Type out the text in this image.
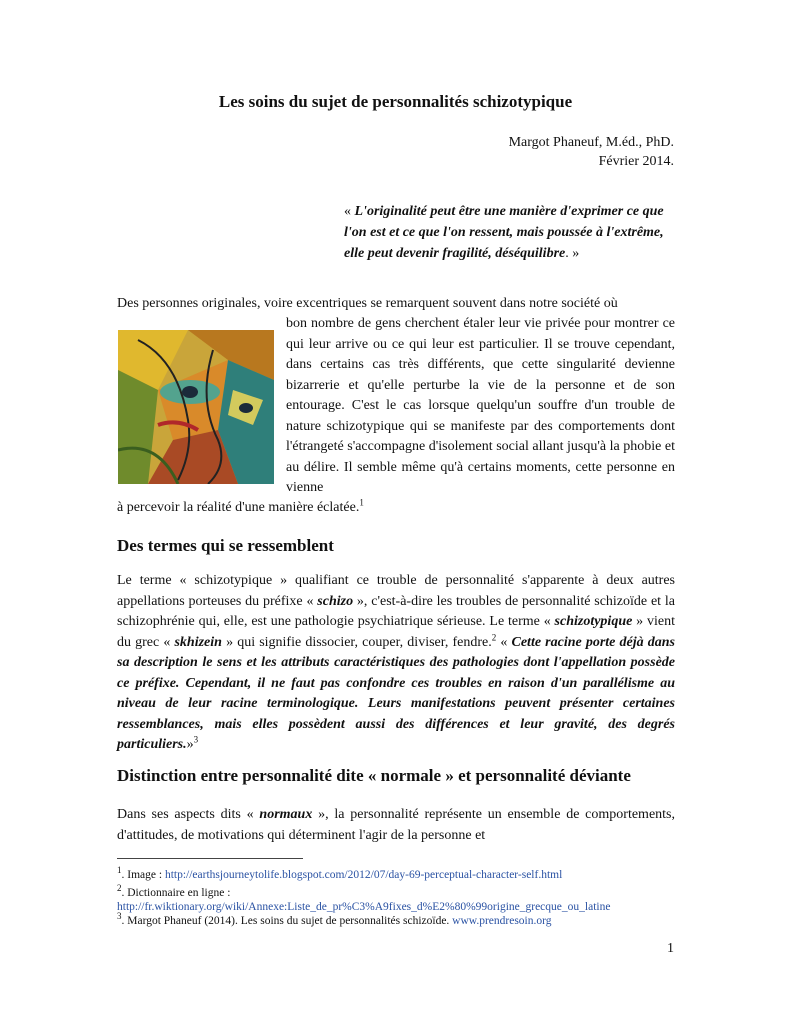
Les soins du sujet de personnalités schizotypique
Margot Phaneuf, M.éd., PhD.
Février 2014.
« L'originalité peut être une manière d'exprimer ce que l'on est et ce que l'on ressent, mais poussée à l'extrême, elle peut devenir fragilité, déséquilibre. »
Des personnes originales, voire excentriques se remarquent souvent dans notre société où
bon nombre de gens cherchent étaler leur vie privée pour montrer ce qui leur arrive ou ce qui leur est particulier. Il se trouve cependant, dans certains cas très différents, que cette singularité devienne bizarrerie et qu'elle perturbe la vie de la personne et de son entourage. C'est le cas lorsque quelqu'un souffre d'un trouble de nature schizotypique qui se manifeste par des comportements dont l'étrangeté s'accompagne d'isolement social allant jusqu'à la phobie et au délire. Il semble même qu'à certains moments, cette personne en vienne
à percevoir la réalité d'une manière éclatée.$^1$
Des termes qui se ressemblent
Le terme « schizotypique » qualifiant ce trouble de personnalité s'apparente à deux autres appellations porteuses du préfixe « schizo », c'est-à-dire les troubles de personnalité schizoïde et la schizophrénie qui, elle, est une pathologie psychiatrique sérieuse. Le terme « schizotypique » vient du grec « skhizein » qui signifie dissocier, couper, diviser, fendre.$^2$ « Cette racine porte déjà dans sa description le sens et les attributs caractéristiques des pathologies dont l'appellation possède ce préfixe. Cependant, il ne faut pas confondre ces troubles en raison d'un parallélisme au niveau de leur racine terminologique. Leurs manifestations peuvent présenter certaines ressemblances, mais elles possèdent aussi des différences et leur gravité, des degrés particuliers.»$^3$
Distinction entre personnalité dite « normale » et personnalité déviante
Dans ses aspects dits « normaux », la personnalité représente un ensemble de comportements, d'attitudes, de motivations qui déterminent l'agir de la personne et
$^1$. Image : http://earthsjourneytolife.blogspot.com/2012/07/day-69-perceptual-character-self.html
$^2$. Dictionnaire en ligne :
http://fr.wiktionary.org/wiki/Annexe:Liste_de_pr%C3%A9fixes_d%E2%80%99origine_grecque_ou_latine
$^3$. Margot Phaneuf (2014). Les soins du sujet de personnalités schizoïde. www.prendresoin.org
1
